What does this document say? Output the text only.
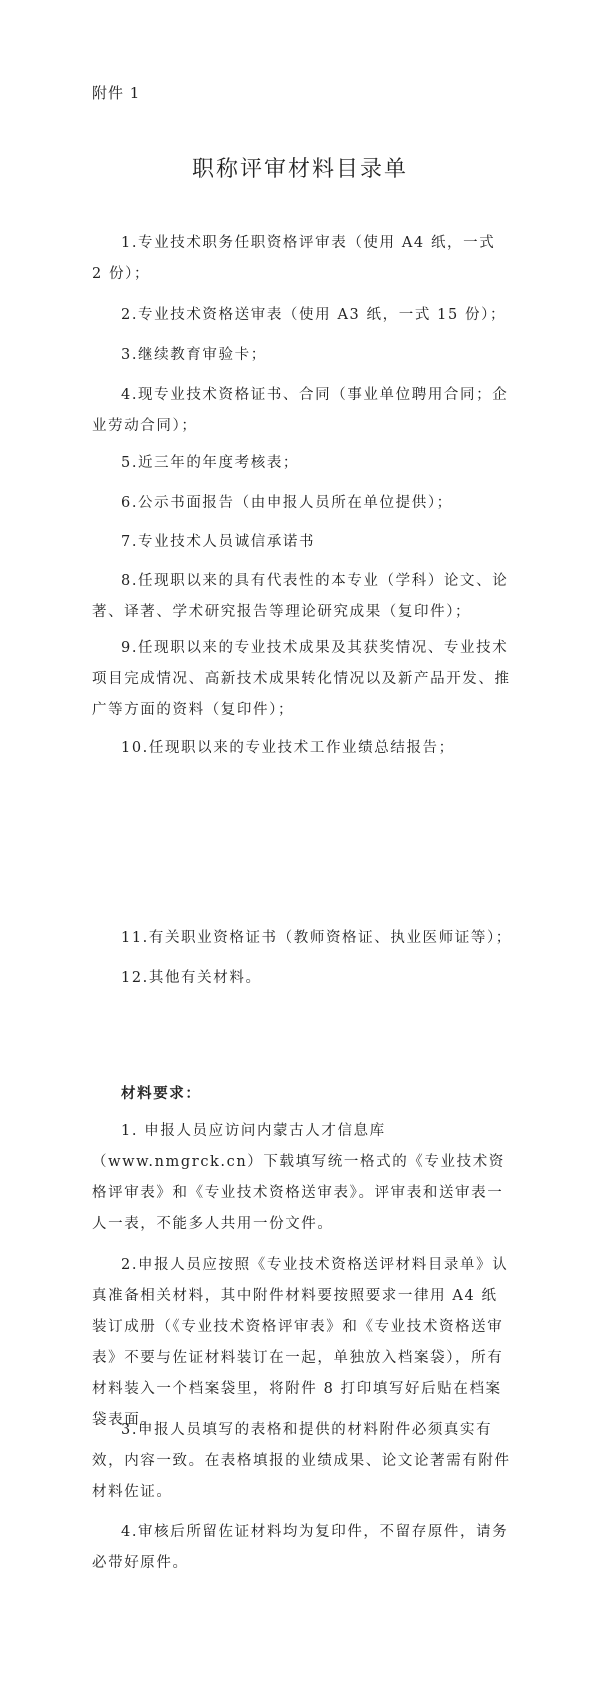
附件 1
职称评审材料目录单
1.专业技术职务任职资格评审表（使用 A4 纸，一式 2 份）；
2.专业技术资格送审表（使用 A3 纸，一式 15 份）；
3.继续教育审验卡；
4.现专业技术资格证书、合同（事业单位聘用合同；企业劳动合同）；
5.近三年的年度考核表；
6.公示书面报告（由申报人员所在单位提供）；
7.专业技术人员诚信承诺书
8.任现职以来的具有代表性的本专业（学科）论文、论著、译著、学术研究报告等理论研究成果（复印件）；
9.任现职以来的专业技术成果及其获奖情况、专业技术项目完成情况、高新技术成果转化情况以及新产品开发、推广等方面的资料（复印件）；
10.任现职以来的专业技术工作业绩总结报告；
11.有关职业资格证书（教师资格证、执业医师证等）；
12.其他有关材料。
材料要求：
1. 申报人员应访问内蒙古人才信息库（www.nmgrck.cn）下载填写统一格式的《专业技术资格评审表》和《专业技术资格送审表》。评审表和送审表一人一表，不能多人共用一份文件。
2.申报人员应按照《专业技术资格送评材料目录单》认真准备相关材料，其中附件材料要按照要求一律用 A4 纸装订成册（《专业技术资格评审表》和《专业技术资格送审表》不要与佐证材料装订在一起，单独放入档案袋），所有材料装入一个档案袋里，将附件 8 打印填写好后贴在档案袋表面。
3.申报人员填写的表格和提供的材料附件必须真实有效，内容一致。在表格填报的业绩成果、论文论著需有附件材料佐证。
4.审核后所留佐证材料均为复印件，不留存原件，请务必带好原件。
